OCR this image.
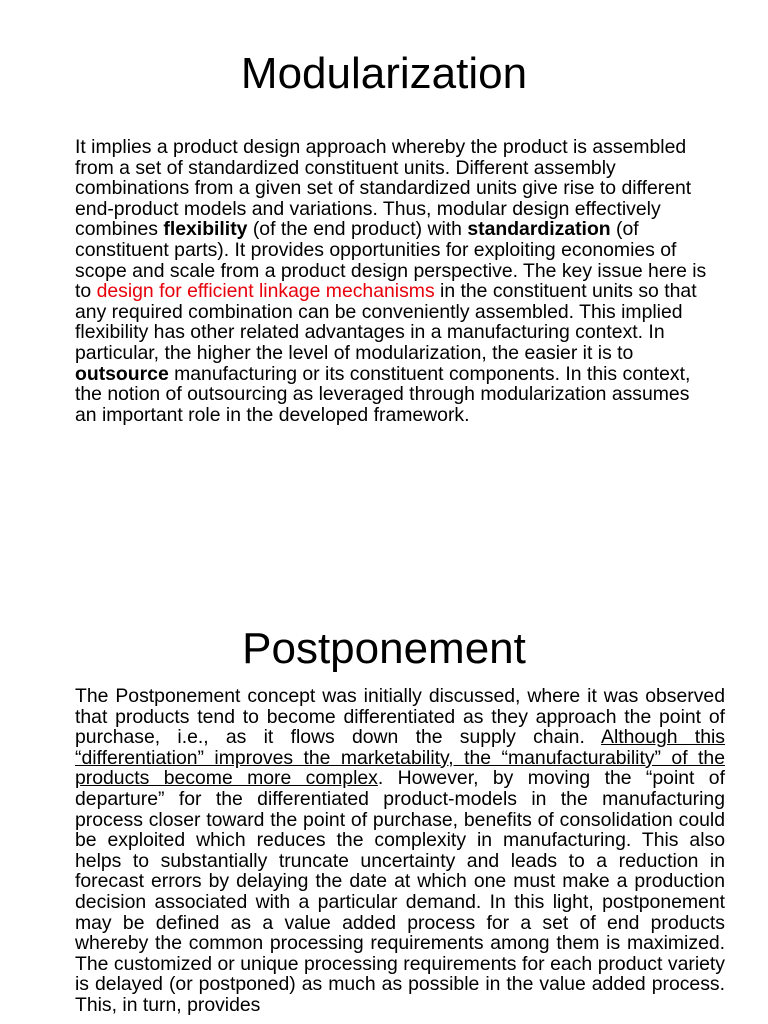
Modularization

It implies a product design approach whereby the product is assembled from a set of standardized constituent units. Different assembly combinations from a given set of standardized units give rise to different end-product models and variations. Thus, modular design effectively combines flexibility (of the end product) with standardization (of constituent parts). It provides opportunities for exploiting economies of scope and scale from a product design perspective. The key issue here is to design for efficient linkage mechanisms in the constituent units so that any required combination can be conveniently assembled. This implied flexibility has other related advantages in a manufacturing context. In particular, the higher the level of modularization, the easier it is to outsource manufacturing or its constituent components. In this context, the notion of outsourcing as leveraged through modularization assumes an important role in the developed framework.

Postponement

The Postponement concept was initially discussed, where it was observed that products tend to become differentiated as they approach the point of purchase, i.e., as it flows down the supply chain. Although this “differentiation” improves the marketability, the “manufacturability” of the products become more complex. However, by moving the “point of departure” for the differentiated product-models in the manufacturing process closer toward the point of purchase, benefits of consolidation could be exploited which reduces the complexity in manufacturing. This also helps to substantially truncate uncertainty and leads to a reduction in forecast errors by delaying the date at which one must make a production decision associated with a particular demand. In this light, postponement may be defined as a value added process for a set of end products whereby the common processing requirements among them is maximized. The customized or unique processing requirements for each product variety is delayed (or postponed) as much as possible in the value added process. This, in turn, provides
